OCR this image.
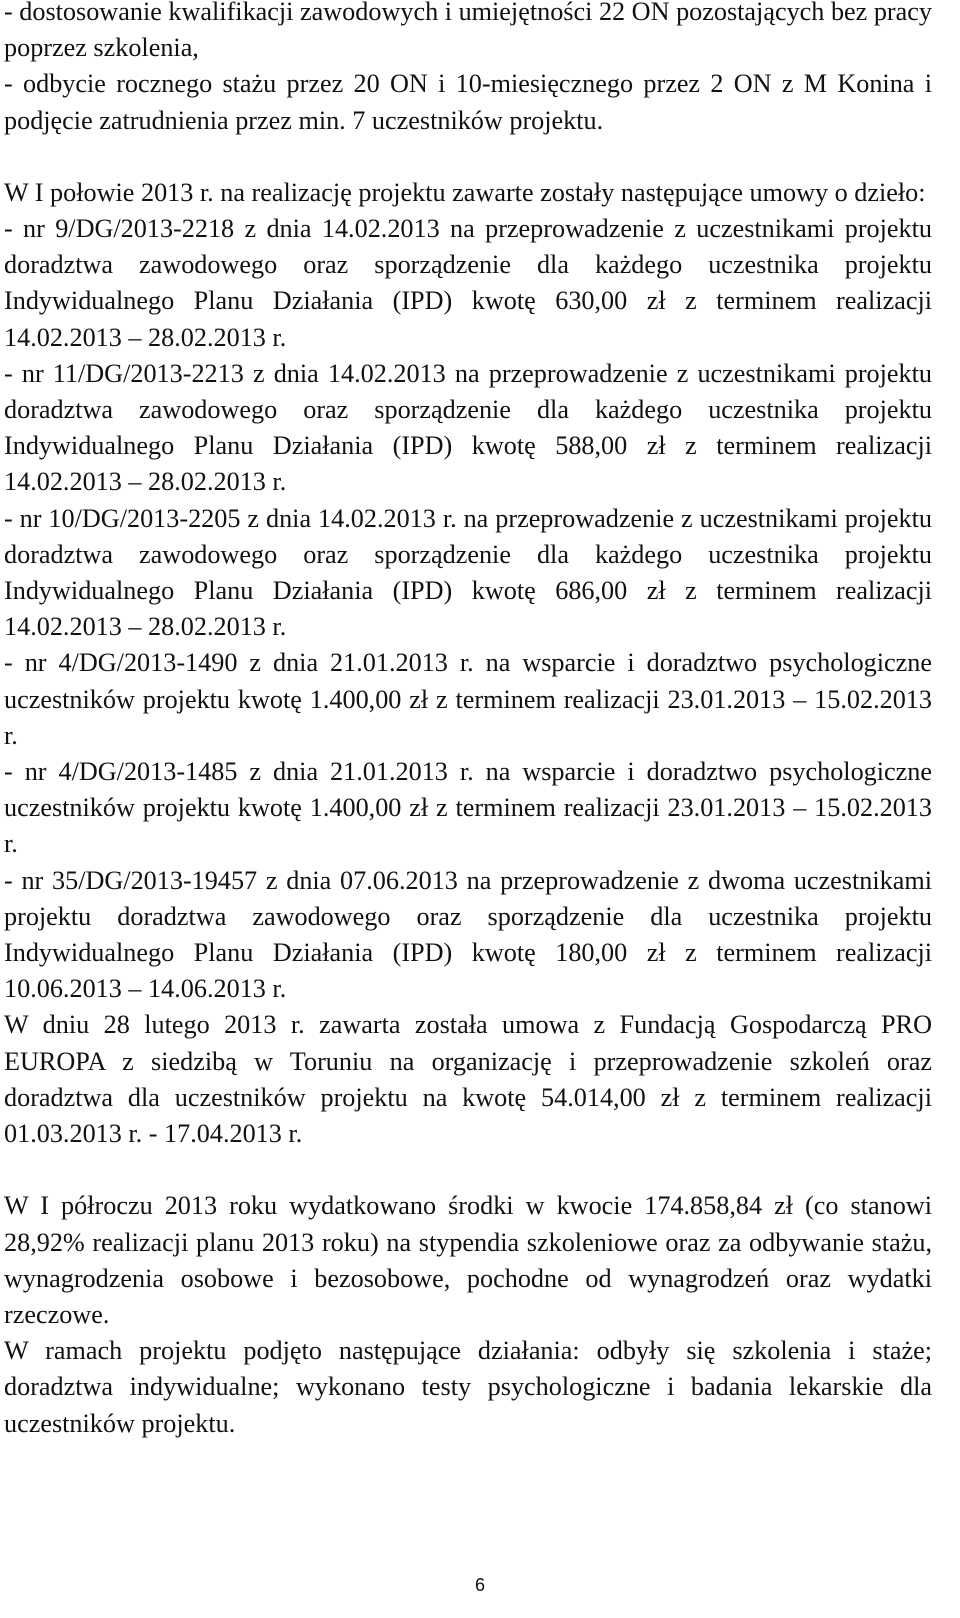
- dostosowanie kwalifikacji zawodowych i umiejętności 22 ON pozostających bez pracy poprzez szkolenia,

- odbycie rocznego stażu przez 20 ON i 10-miesięcznego przez 2 ON z M Konina i podjęcie zatrudnienia przez min. 7 uczestników projektu.

W I połowie 2013 r. na realizację projektu zawarte zostały następujące umowy o dzieło:

- nr 9/DG/2013-2218 z dnia 14.02.2013 na przeprowadzenie z uczestnikami projektu doradztwa zawodowego oraz sporządzenie dla każdego uczestnika projektu Indywidualnego Planu Działania (IPD) kwotę 630,00 zł z terminem realizacji 14.02.2013 – 28.02.2013 r.

- nr 11/DG/2013-2213 z dnia 14.02.2013 na przeprowadzenie z uczestnikami projektu doradztwa zawodowego oraz sporządzenie dla każdego uczestnika projektu Indywidualnego Planu Działania (IPD) kwotę 588,00 zł z terminem realizacji 14.02.2013 – 28.02.2013 r.

- nr 10/DG/2013-2205 z dnia 14.02.2013 r. na przeprowadzenie z uczestnikami projektu doradztwa zawodowego oraz sporządzenie dla każdego uczestnika projektu Indywidualnego Planu Działania (IPD) kwotę 686,00 zł z terminem realizacji 14.02.2013 – 28.02.2013 r.

- nr 4/DG/2013-1490 z dnia 21.01.2013 r. na wsparcie i doradztwo psychologiczne uczestników projektu kwotę 1.400,00 zł z terminem realizacji 23.01.2013 – 15.02.2013 r.

- nr 4/DG/2013-1485 z dnia 21.01.2013 r. na wsparcie i doradztwo psychologiczne uczestników projektu kwotę 1.400,00 zł z terminem realizacji 23.01.2013 – 15.02.2013 r.

- nr 35/DG/2013-19457 z dnia 07.06.2013 na przeprowadzenie z dwoma uczestnikami projektu doradztwa zawodowego oraz sporządzenie dla uczestnika projektu Indywidualnego Planu Działania (IPD) kwotę 180,00 zł z terminem realizacji 10.06.2013 – 14.06.2013 r.

W dniu 28 lutego 2013 r. zawarta została umowa z Fundacją Gospodarczą PRO EUROPA z siedzibą w Toruniu na organizację i przeprowadzenie szkoleń oraz doradztwa dla uczestników projektu na kwotę 54.014,00 zł z terminem realizacji 01.03.2013 r. - 17.04.2013 r.

W I półroczu 2013 roku wydatkowano środki w kwocie 174.858,84 zł (co stanowi 28,92% realizacji planu 2013 roku) na stypendia szkoleniowe oraz za odbywanie stażu, wynagrodzenia osobowe i bezosobowe, pochodne od wynagrodzeń oraz wydatki rzeczowe.

W ramach projektu podjęto następujące działania: odbyły się szkolenia i staże; doradztwa indywidualne; wykonano testy psychologiczne i badania lekarskie dla uczestników projektu.

6
